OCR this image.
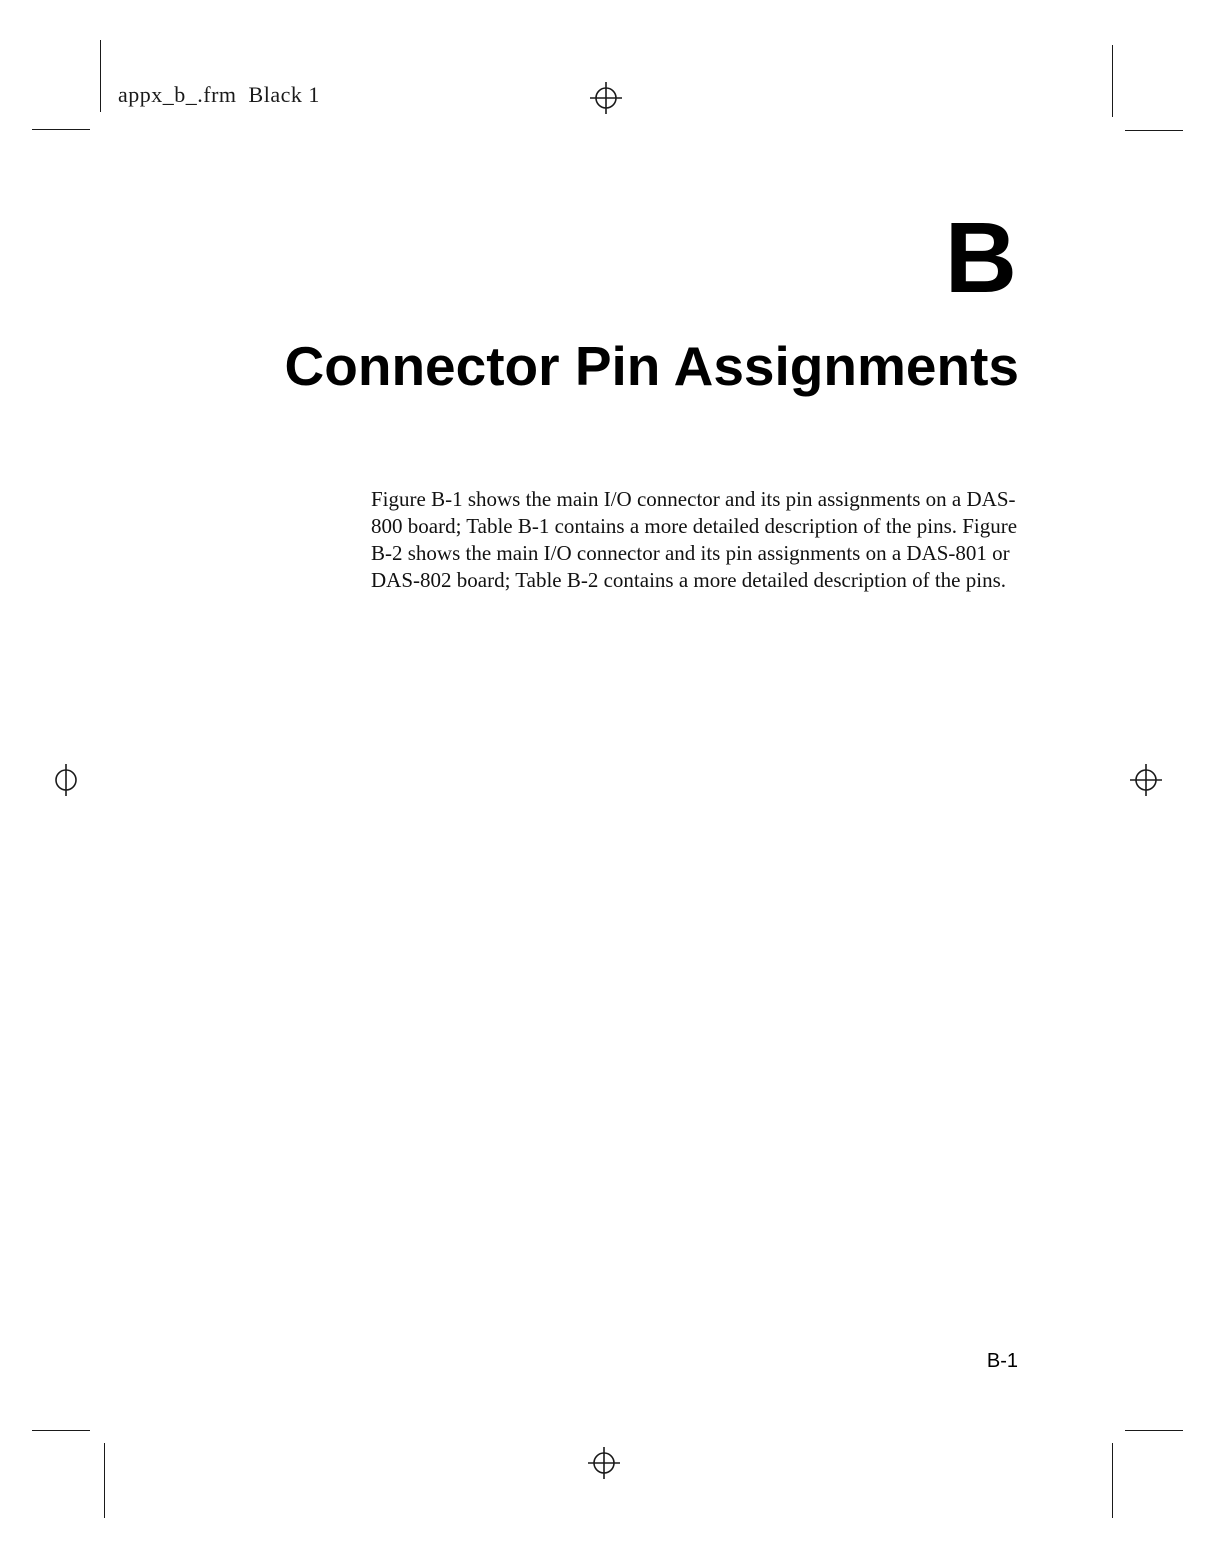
appx_b_.frm Black 1
B
Connector Pin Assignments

Figure B-1 shows the main I/O connector and its pin assignments on a DAS-800 board; Table B-1 contains a more detailed description of the pins. Figure B-2 shows the main I/O connector and its pin assignments on a DAS-801 or DAS-802 board; Table B-2 contains a more detailed description of the pins.

B-1
